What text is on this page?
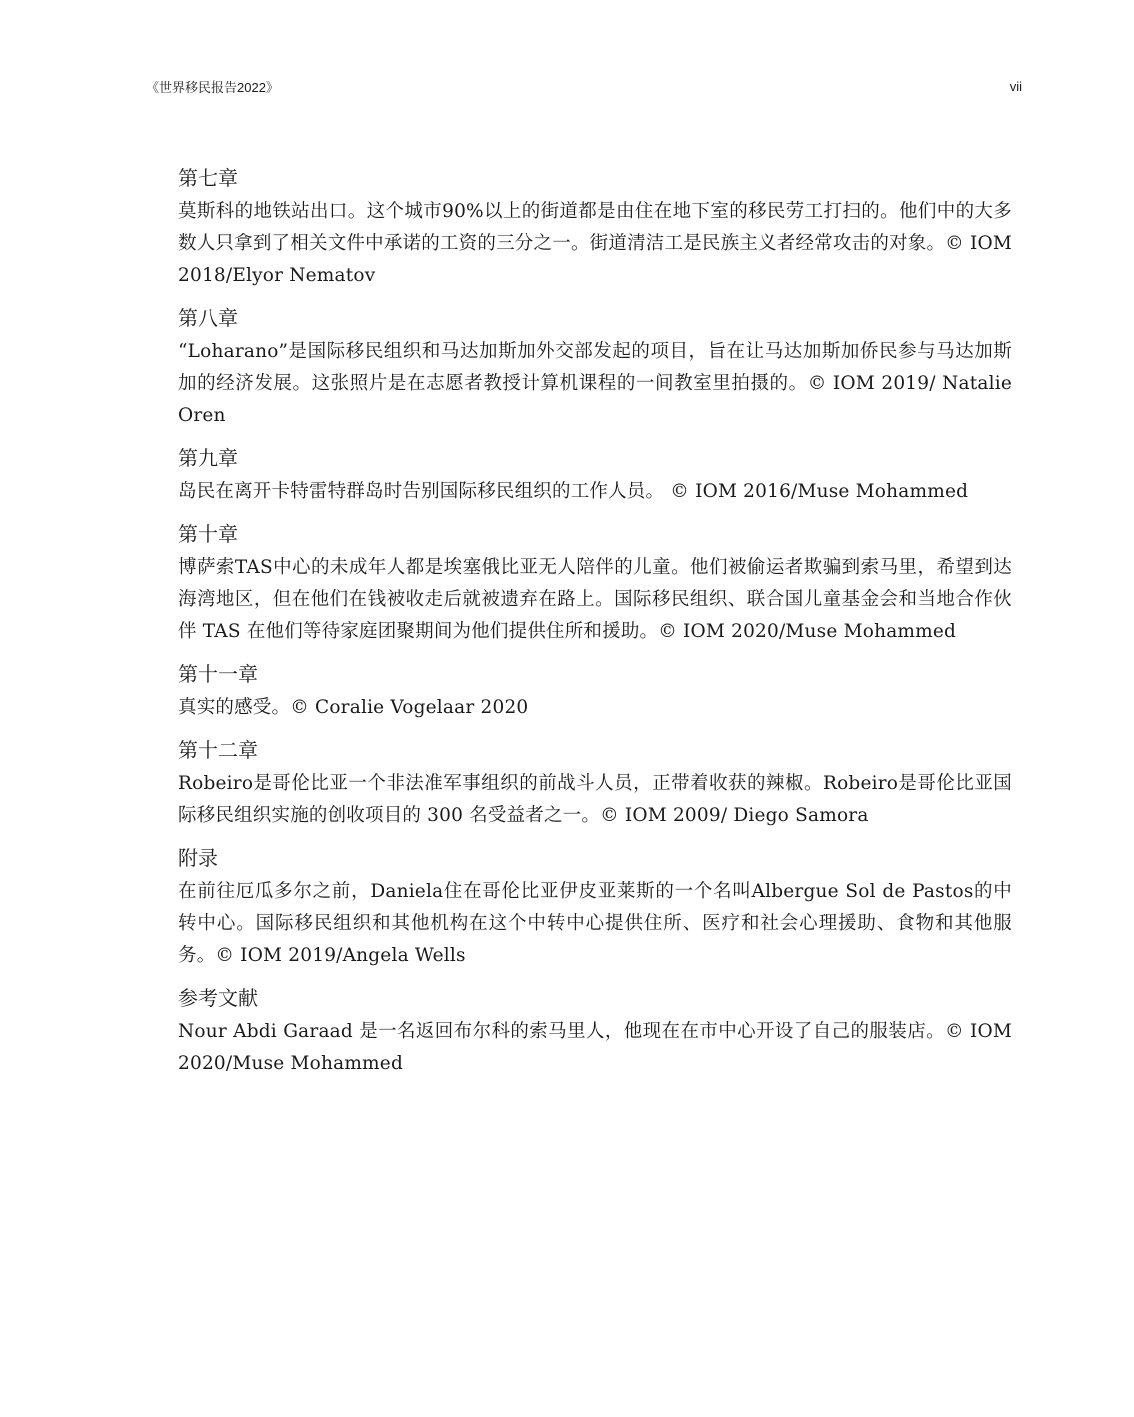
《世界移民报告2022》	vii
第七章

莫斯科的地铁站出口。这个城市90%以上的街道都是由住在地下室的移民劳工打扫的。他们中的大多数人只拿到了相关文件中承诺的工资的三分之一。街道清洁工是民族主义者经常攻击的对象。© IOM 2018/Elyor Nematov

第八章

“Loharano”是国际移民组织和马达加斯加外交部发起的项目，旨在让马达加斯加侨民参与马达加斯加的经济发展。这张照片是在志愿者教授计算机课程的一间教室里拍摄的。© IOM 2019/ Natalie Oren

第九章

岛民在离开卡特雷特群岛时告别国际移民组织的工作人员。 © IOM 2016/Muse Mohammed

第十章

博萨索TAS中心的未成年人都是埃塞俄比亚无人陪伴的儿童。他们被偷运者欺骗到索马里，希望到达海湾地区，但在他们在钱被收走后就被遗弃在路上。国际移民组织、联合国儿童基金会和当地合作伙伴 TAS 在他们等待家庭团聚期间为他们提供住所和援助。© IOM 2020/Muse Mohammed

第十一章

真实的感受。© Coralie Vogelaar 2020

第十二章

Robeiro是哥伦比亚一个非法准军事组织的前战斗人员，正带着收获的辣椒。Robeiro是哥伦比亚国际移民组织实施的创收项目的 300 名受益者之一。© IOM 2009/ Diego Samora

附录

在前往厄瓜多尔之前，Daniela住在哥伦比亚伊皮亚莱斯的一个名叫Albergue Sol de Pastos的中转中心。国际移民组织和其他机构在这个中转中心提供住所、医疗和社会心理援助、食物和其他服务。© IOM 2019/Angela Wells

参考文献

Nour Abdi Garaad 是一名返回布尔科的索马里人，他现在在市中心开设了自己的服装店。© IOM 2020/Muse Mohammed
